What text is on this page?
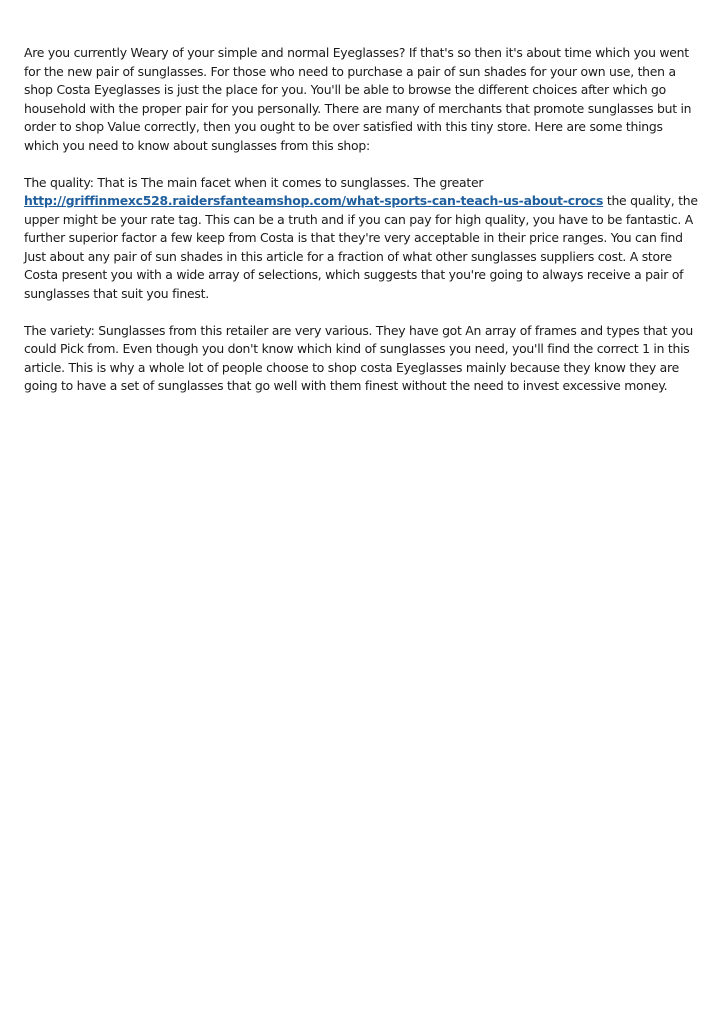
Are you currently Weary of your simple and normal Eyeglasses? If that's so then it's about time which you went for the new pair of sunglasses. For those who need to purchase a pair of sun shades for your own use, then a shop Costa Eyeglasses is just the place for you. You'll be able to browse the different choices after which go household with the proper pair for you personally. There are many of merchants that promote sunglasses but in order to shop Value correctly, then you ought to be over satisfied with this tiny store. Here are some things which you need to know about sunglasses from this shop:

The quality: That is The main facet when it comes to sunglasses. The greater http://griffinmexc528.raidersfanteamshop.com/what-sports-can-teach-us-about-crocs the quality, the upper might be your rate tag. This can be a truth and if you can pay for high quality, you have to be fantastic. A further superior factor a few keep from Costa is that they're very acceptable in their price ranges. You can find Just about any pair of sun shades in this article for a fraction of what other sunglasses suppliers cost. A store Costa present you with a wide array of selections, which suggests that you're going to always receive a pair of sunglasses that suit you finest.

The variety: Sunglasses from this retailer are very various. They have got An array of frames and types that you could Pick from. Even though you don't know which kind of sunglasses you need, you'll find the correct 1 in this article. This is why a whole lot of people choose to shop costa Eyeglasses mainly because they know they are going to have a set of sunglasses that go well with them finest without the need to invest excessive money.
